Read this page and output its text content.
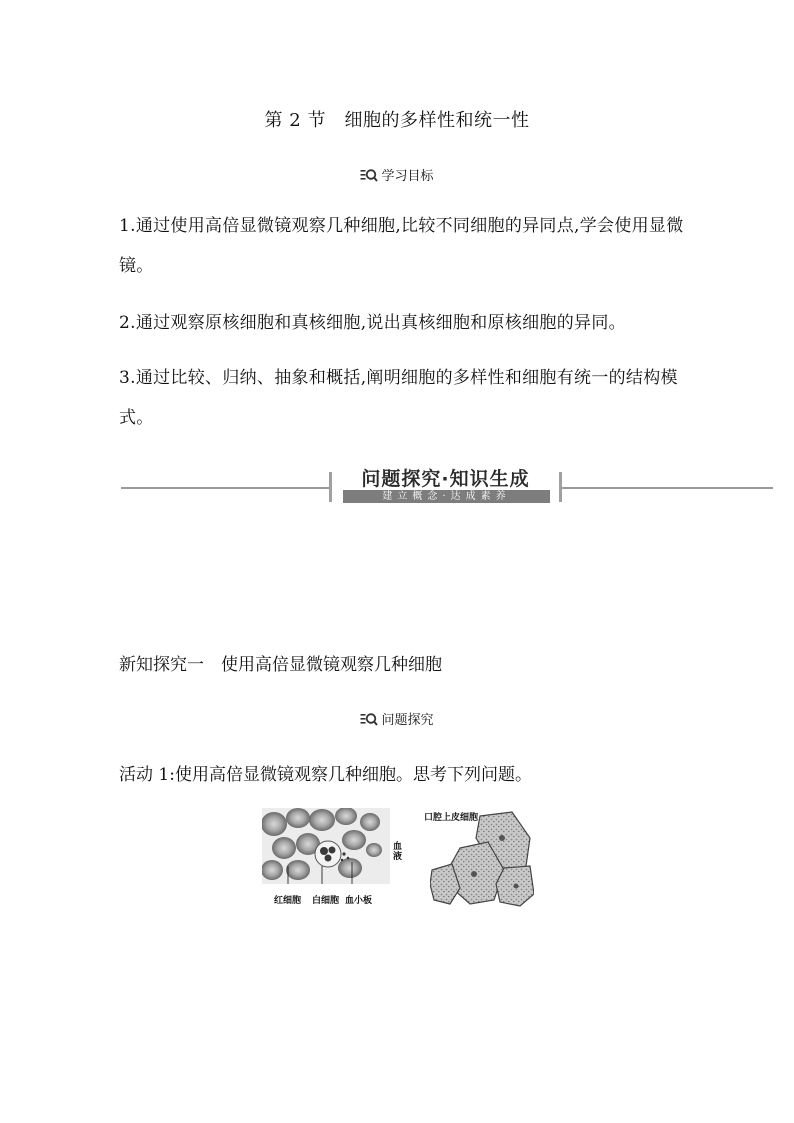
第 2 节　细胞的多样性和统一性
学习目标
1.通过使用高倍显微镜观察几种细胞,比较不同细胞的异同点,学会使用显微镜。
2.通过观察原核细胞和真核细胞,说出真核细胞和原核细胞的异同。
3.通过比较、归纳、抽象和概括,阐明细胞的多样性和细胞有统一的结构模式。
问题探究·知识生成
建立概念·达成素养
新知探究一　使用高倍显微镜观察几种细胞
问题探究
活动 1:使用高倍显微镜观察几种细胞。思考下列问题。
血液
红细胞 白细胞 血小板
口腔上皮细胞
